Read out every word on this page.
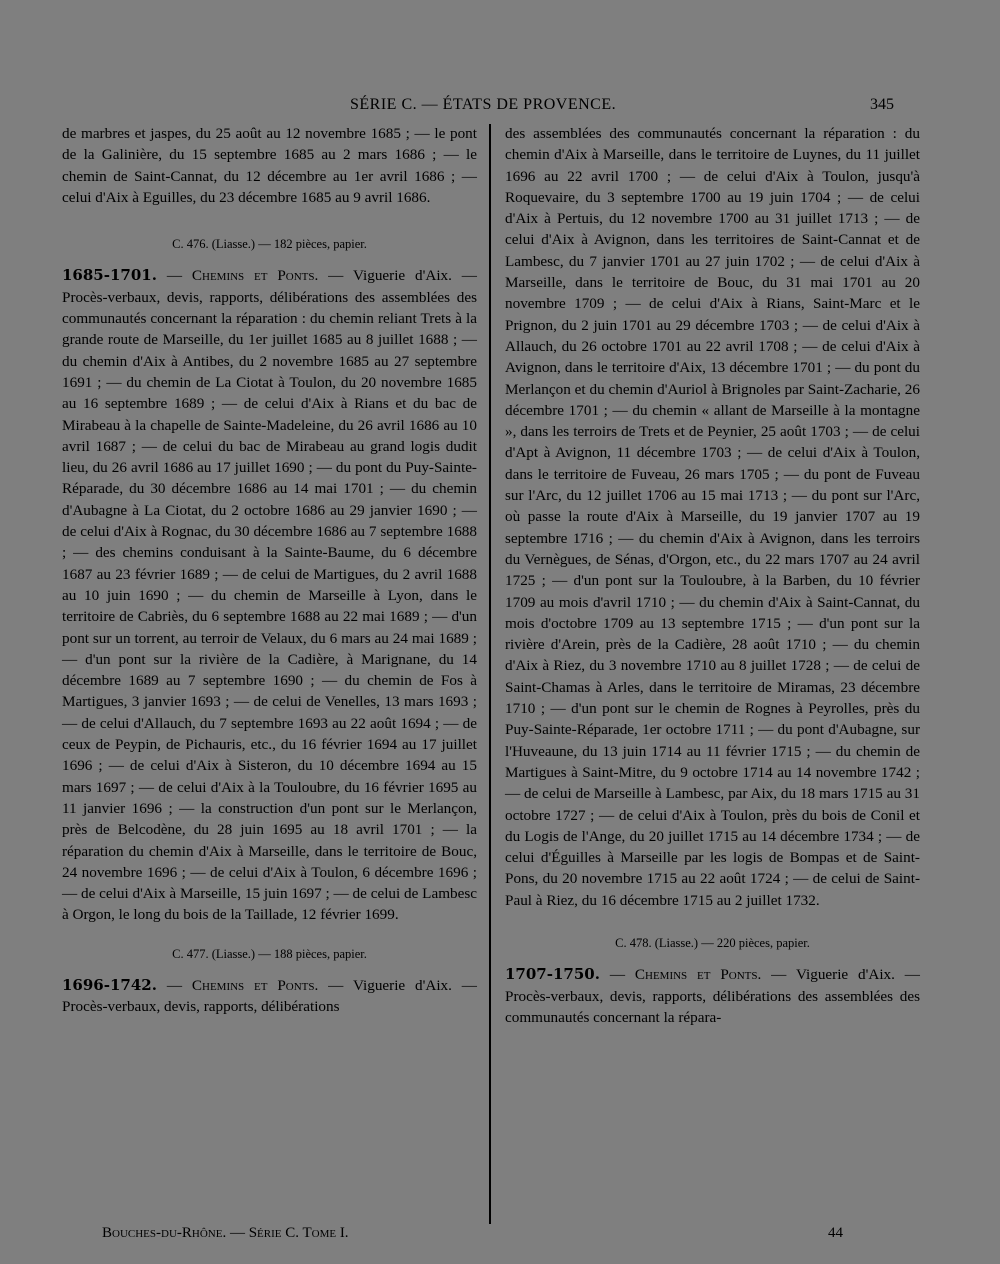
SÉRIE C. — ÉTATS DE PROVENCE.	345

de marbres et jaspes, du 25 août au 12 novembre 1685 ; — le pont de la Galinière, du 15 septembre 1685 au 2 mars 1686 ; — le chemin de Saint-Cannat, du 12 décembre au 1er avril 1686 ; — celui d'Aix à Eguilles, du 23 décembre 1685 au 9 avril 1686.

C. 476. (Liasse.) — 182 pièces, papier.

1685-1701. — Chemins et Ponts. — Viguerie d'Aix. — Procès-verbaux, devis, rapports, délibérations des assemblées des communautés concernant la réparation : du chemin reliant Trets à la grande route de Marseille, du 1er juillet 1685 au 8 juillet 1688 ; — du chemin d'Aix à Antibes, du 2 novembre 1685 au 27 septembre 1691 ; — du chemin de La Ciotat à Toulon, du 20 novembre 1685 au 16 septembre 1689 ; — de celui d'Aix à Rians et du bac de Mirabeau à la chapelle de Sainte-Madeleine, du 26 avril 1686 au 10 avril 1687 ; — de celui du bac de Mirabeau au grand logis dudit lieu, du 26 avril 1686 au 17 juillet 1690 ; — du pont du Puy-Sainte-Réparade, du 30 décembre 1686 au 14 mai 1701 ; — du chemin d'Aubagne à La Ciotat, du 2 octobre 1686 au 29 janvier 1690 ; — de celui d'Aix à Rognac, du 30 décembre 1686 au 7 septembre 1688 ; — des chemins conduisant à la Sainte-Baume, du 6 décembre 1687 au 23 février 1689 ; — de celui de Martigues, du 2 avril 1688 au 10 juin 1690 ; — du chemin de Marseille à Lyon, dans le territoire de Cabriès, du 6 septembre 1688 au 22 mai 1689 ; — d'un pont sur un torrent, au terroir de Velaux, du 6 mars au 24 mai 1689 ; — d'un pont sur la rivière de la Cadière, à Marignane, du 14 décembre 1689 au 7 septembre 1690 ; — du chemin de Fos à Martigues, 3 janvier 1693 ; — de celui de Venelles, 13 mars 1693 ; — de celui d'Allauch, du 7 septembre 1693 au 22 août 1694 ; — de ceux de Peypin, de Pichauris, etc., du 16 février 1694 au 17 juillet 1696 ; — de celui d'Aix à Sisteron, du 10 décembre 1694 au 15 mars 1697 ; — de celui d'Aix à la Touloubre, du 16 février 1695 au 11 janvier 1696 ; — la construction d'un pont sur le Merlançon, près de Belcodène, du 28 juin 1695 au 18 avril 1701 ; — la réparation du chemin d'Aix à Marseille, dans le territoire de Bouc, 24 novembre 1696 ; — de celui d'Aix à Toulon, 6 décembre 1696 ; — de celui d'Aix à Marseille, 15 juin 1697 ; — de celui de Lambesc à Orgon, le long du bois de la Taillade, 12 février 1699.

C. 477. (Liasse.) — 188 pièces, papier.

1696-1742. — Chemins et Ponts. — Viguerie d'Aix. — Procès-verbaux, devis, rapports, délibérations

des assemblées des communautés concernant la réparation : du chemin d'Aix à Marseille, dans le territoire de Luynes, du 11 juillet 1696 au 22 avril 1700 ; — de celui d'Aix à Toulon, jusqu'à Roquevaire, du 3 septembre 1700 au 19 juin 1704 ; — de celui d'Aix à Pertuis, du 12 novembre 1700 au 31 juillet 1713 ; — de celui d'Aix à Avignon, dans les territoires de Saint-Cannat et de Lambesc, du 7 janvier 1701 au 27 juin 1702 ; — de celui d'Aix à Marseille, dans le territoire de Bouc, du 31 mai 1701 au 20 novembre 1709 ; — de celui d'Aix à Rians, Saint-Marc et le Prignon, du 2 juin 1701 au 29 décembre 1703 ; — de celui d'Aix à Allauch, du 26 octobre 1701 au 22 avril 1708 ; — de celui d'Aix à Avignon, dans le territoire d'Aix, 13 décembre 1701 ; — du pont du Merlançon et du chemin d'Auriol à Brignoles par Saint-Zacharie, 26 décembre 1701 ; — du chemin « allant de Marseille à la montagne », dans les terroirs de Trets et de Peynier, 25 août 1703 ; — de celui d'Apt à Avignon, 11 décembre 1703 ; — de celui d'Aix à Toulon, dans le territoire de Fuveau, 26 mars 1705 ; — du pont de Fuveau sur l'Arc, du 12 juillet 1706 au 15 mai 1713 ; — du pont sur l'Arc, où passe la route d'Aix à Marseille, du 19 janvier 1707 au 19 septembre 1716 ; — du chemin d'Aix à Avignon, dans les terroirs du Vernègues, de Sénas, d'Orgon, etc., du 22 mars 1707 au 24 avril 1725 ; — d'un pont sur la Touloubre, à la Barben, du 10 février 1709 au mois d'avril 1710 ; — du chemin d'Aix à Saint-Cannat, du mois d'octobre 1709 au 13 septembre 1715 ; — d'un pont sur la rivière d'Arein, près de la Cadière, 28 août 1710 ; — du chemin d'Aix à Riez, du 3 novembre 1710 au 8 juillet 1728 ; — de celui de Saint-Chamas à Arles, dans le territoire de Miramas, 23 décembre 1710 ; — d'un pont sur le chemin de Rognes à Peyrolles, près du Puy-Sainte-Réparade, 1er octobre 1711 ; — du pont d'Aubagne, sur l'Huveaune, du 13 juin 1714 au 11 février 1715 ; — du chemin de Martigues à Saint-Mitre, du 9 octobre 1714 au 14 novembre 1742 ; — de celui de Marseille à Lambesc, par Aix, du 18 mars 1715 au 31 octobre 1727 ; — de celui d'Aix à Toulon, près du bois de Conil et du Logis de l'Ange, du 20 juillet 1715 au 14 décembre 1734 ; — de celui d'Éguilles à Marseille par les logis de Bompas et de Saint-Pons, du 20 novembre 1715 au 22 août 1724 ; — de celui de Saint-Paul à Riez, du 16 décembre 1715 au 2 juillet 1732.

C. 478. (Liasse.) — 220 pièces, papier.

1707-1750. — Chemins et Ponts. — Viguerie d'Aix. — Procès-verbaux, devis, rapports, délibérations des assemblées des communautés concernant la répara-

Bouches-du-Rhône. — Série C. Tome I.	44
